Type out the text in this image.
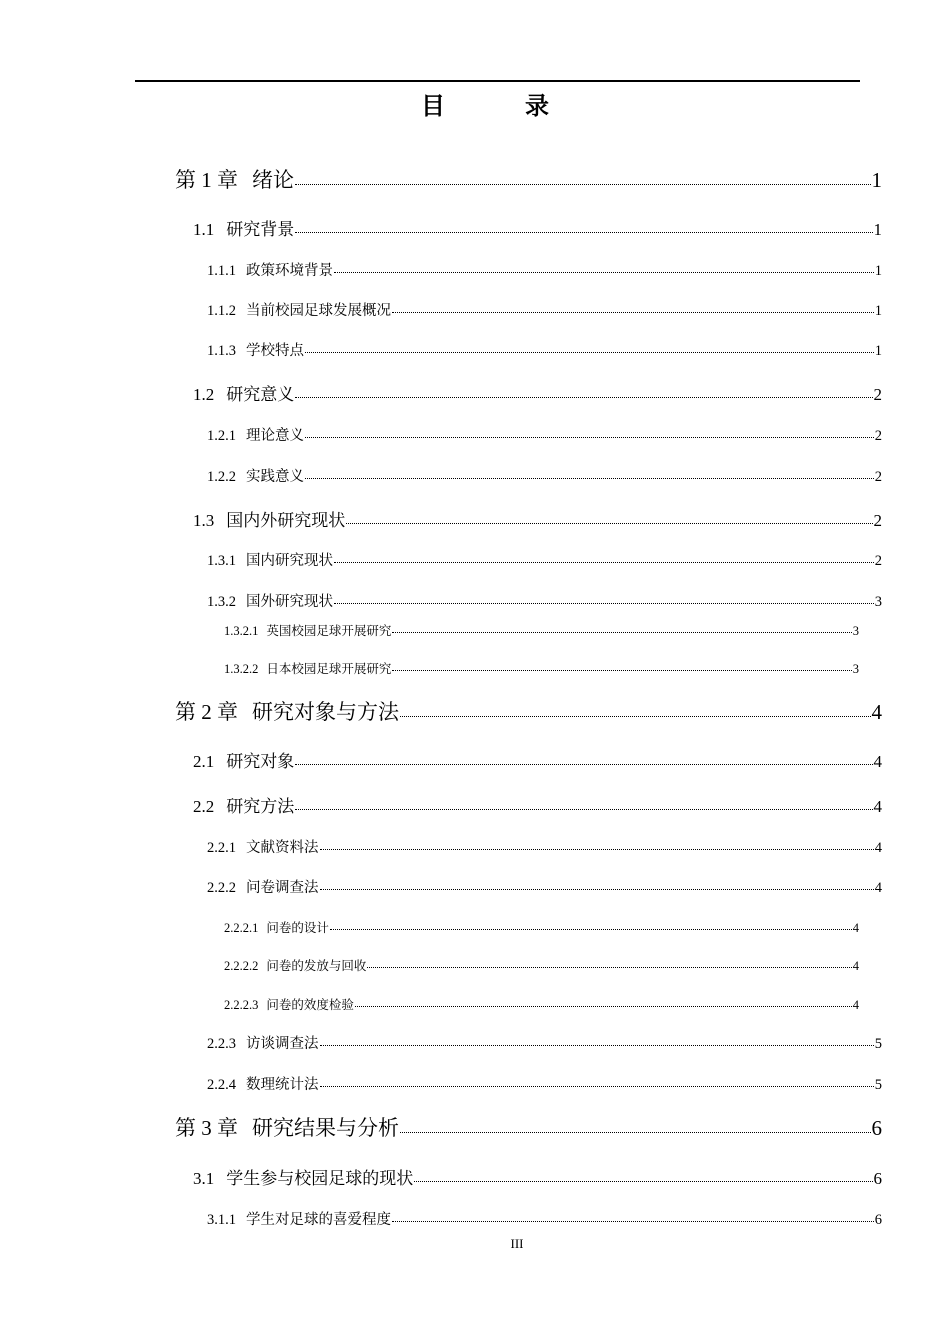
目　录
第 1 章 绪论	1
1.1 研究背景	1
1.1.1 政策环境背景	1
1.1.2 当前校园足球发展概况	1
1.1.3 学校特点	1
1.2 研究意义	2
1.2.1 理论意义	2
1.2.2 实践意义	2
1.3 国内外研究现状	2
1.3.1 国内研究现状	2
1.3.2 国外研究现状	3
1.3.2.1 英国校园足球开展研究	3
1.3.2.2 日本校园足球开展研究	3
第 2 章 研究对象与方法	4
2.1 研究对象	4
2.2 研究方法	4
2.2.1 文献资料法	4
2.2.2 问卷调查法	4
2.2.2.1 问卷的设计	4
2.2.2.2 问卷的发放与回收	4
2.2.2.3 问卷的效度检验	4
2.2.3 访谈调查法	5
2.2.4 数理统计法	5
第 3 章 研究结果与分析	6
3.1 学生参与校园足球的现状	6
3.1.1 学生对足球的喜爱程度	6
III
